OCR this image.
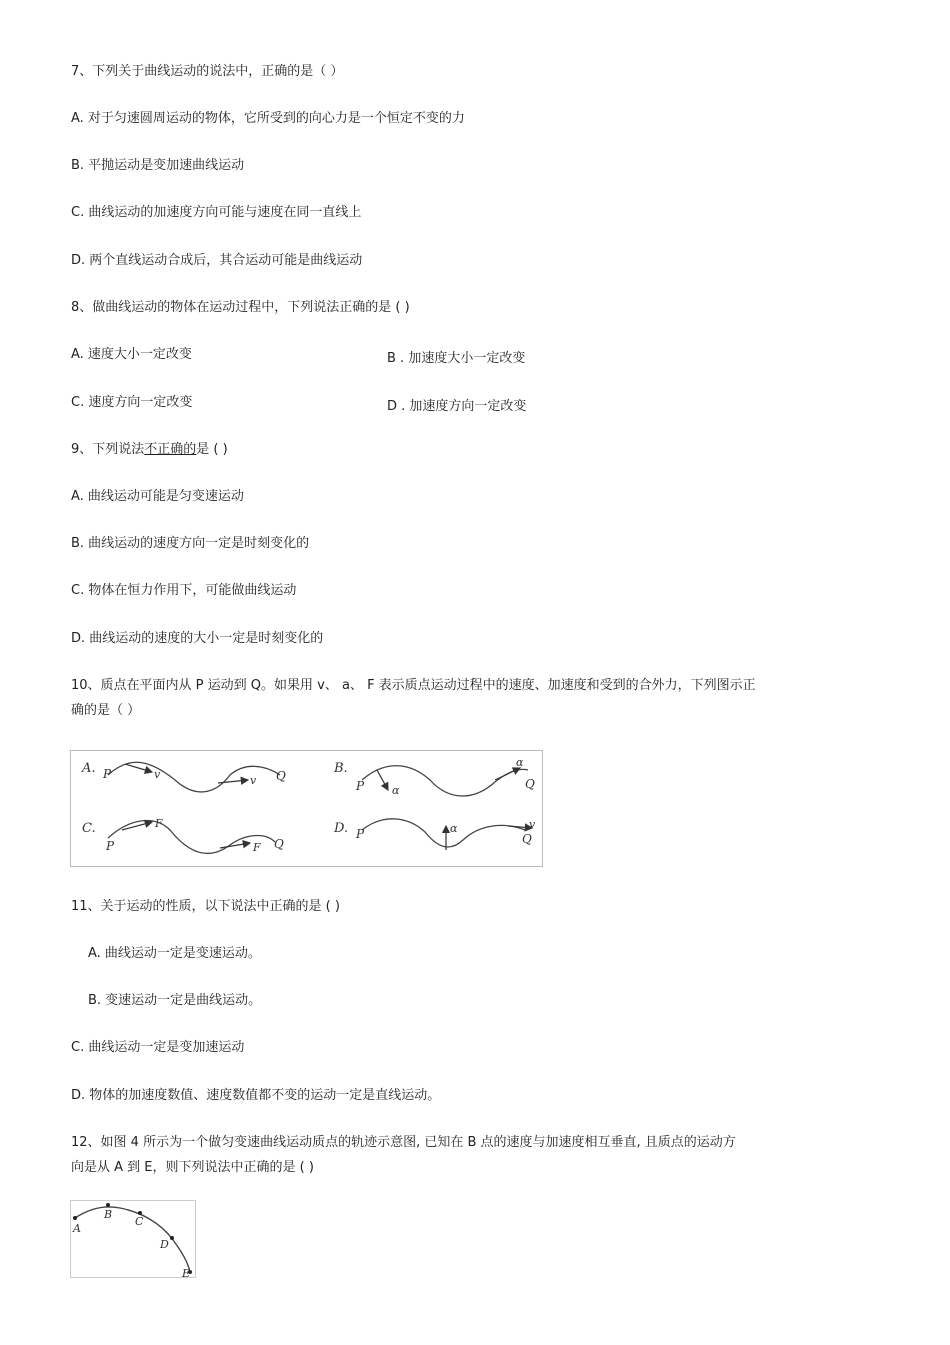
7、下列关于曲线运动的说法中，正确的是（ ）
A. 对于匀速圆周运动的物体，它所受到的向心力是一个恒定不变的力
B. 平抛运动是变加速曲线运动
C. 曲线运动的加速度方向可能与速度在同一直线上
D. 两个直线运动合成后，其合运动可能是曲线运动
8、做曲线运动的物体在运动过程中，下列说法正确的是 ( )
A. 速度大小一定改变	B . 加速度大小一定改变
C. 速度方向一定改变	D . 加速度方向一定改变
9、下列说法不正确的是 ( )
A. 曲线运动可能是匀变速运动
B. 曲线运动的速度方向一定是时刻变化的
C. 物体在恒力作用下，可能做曲线运动
D. 曲线运动的速度的大小一定是时刻变化的
10、质点在平面内从 P 运动到 Q。如果用 v、 a、 F 表示质点运动过程中的速度、加速度和受到的合外力，下列图示正
确的是（ ）
A. P	v	v Q	B.
P	α
α
Q
C.
P
F
F Q
D. P	α	v
Q
11、关于运动的性质，以下说法中正确的是 ( )
A. 曲线运动一定是变速运动。
B. 变速运动一定是曲线运动。
C. 曲线运动一定是变加速运动
D. 物体的加速度数值、速度数值都不变的运动一定是直线运动。
12、如图 4 所示为一个做匀变速曲线运动质点的轨迹示意图, 已知在 B 点的速度与加速度相互垂直, 且质点的运动方
向是从 A 到 E，则下列说法中正确的是 ( )
A
B
C
D
E
